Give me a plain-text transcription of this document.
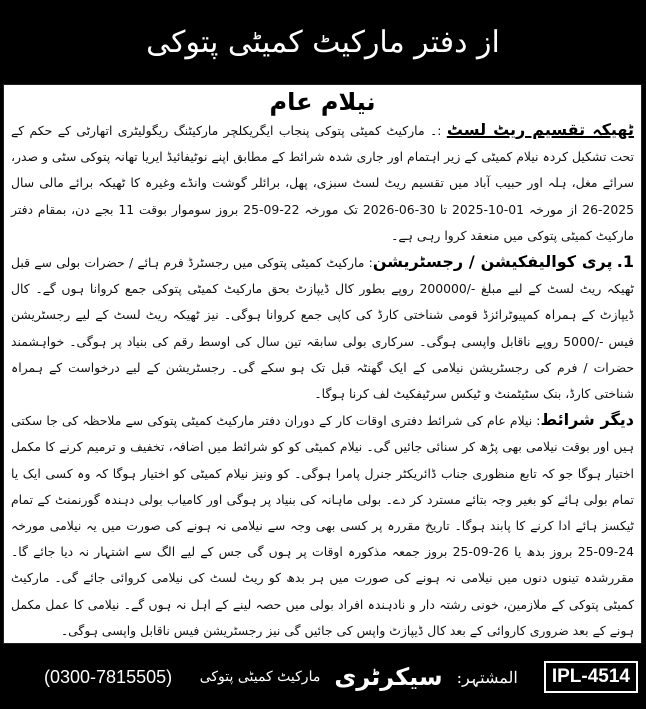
از دفتر مارکیٹ کمیٹی پتوکی
نیلام عام

ٹھیکہ تقسیم ریٹ لسٹ :۔ مارکیٹ کمیٹی پتوکی پنجاب ایگریکلچر مارکیٹنگ ریگولیٹری اتھارٹی کے حکم کے تحت تشکیل کردہ نیلام کمیٹی کے زیر اہتمام اور جاری شدہ شرائط کے مطابق اپنے نوٹیفائیڈ ایریا تھانہ پتوکی سٹی و صدر، سرائے مغل، ہلہ اور حبیب آباد میں تقسیم ریٹ لسٹ سبزی، پھل، برائلر گوشت وانڈے وغیرہ کا ٹھیکہ برائے مالی سال 2025-26 از مورخہ 01-10-2025 تا 30-06-2026 تک مورخہ 22-09-25 بروز سوموار بوقت 11 بجے دن، بمقام دفتر مارکیٹ کمیٹی پتوکی میں منعقد کروا رہی ہے۔

1. پری کوالیفکیشن / رجسٹریشن: مارکیٹ کمیٹی پتوکی میں رجسٹرڈ فرم ہائے / حضرات بولی سے قبل ٹھیکہ ریٹ لسٹ کے لیے مبلغ -/200000 روپے بطور کال ڈیپازٹ بحق مارکیٹ کمیٹی پتوکی جمع کروانا ہوں گے۔ کال ڈیپازٹ کے ہمراہ کمپیوٹرائزڈ قومی شناختی کارڈ کی کاپی جمع کروانا ہوگی۔ نیز ٹھیکہ ریٹ لسٹ کے لیے رجسٹریشن فیس -/5000 روپے ناقابل واپسی ہوگی۔ سرکاری بولی سابقہ تین سال کی اوسط رقم کی بنیاد پر ہوگی۔ خواہشمند حضرات / فرم کی رجسٹریشن نیلامی کے ایک گھنٹہ قبل تک ہو سکے گی۔ رجسٹریشن کے لیے درخواست کے ہمراہ شناختی کارڈ، بنک سٹیٹمنٹ و ٹیکس سرٹیفکیٹ لف کرنا ہوگا۔

دیگر شرائط: نیلام عام کی شرائط دفتری اوقات کار کے دوران دفتر مارکیٹ کمیٹی پتوکی سے ملاحظہ کی جا سکتی ہیں اور بوقت نیلامی بھی پڑھ کر سنائی جائیں گی۔ نیلام کمیٹی کو کو شرائط میں اضافہ، تخفیف و ترمیم کرنے کا مکمل اختیار ہوگا جو کہ تابع منظوری جناب ڈائریکٹر جنرل پامرا ہوگی۔ کو ونیز نیلام کمیٹی کو اختیار ہوگا کہ وہ کسی ایک یا تمام بولی ہائے کو بغیر وجہ بتائے مسترد کر دے۔ بولی ماہانہ کی بنیاد پر ہوگی اور کامیاب بولی دہندہ گورنمنٹ کے تمام ٹیکسز ہائے ادا کرنے کا پابند ہوگا۔ تاریخ مقررہ پر کسی بھی وجہ سے نیلامی نہ ہونے کی صورت میں یہ نیلامی مورخہ 24-09-25 بروز بدھ یا 26-09-25 بروز جمعہ مذکورہ اوقات پر ہوں گی جس کے لیے الگ سے اشتہار نہ دیا جائے گا۔ مقررشدہ تینوں دنوں میں نیلامی نہ ہونے کی صورت میں ہر بدھ کو ریٹ لسٹ کی نیلامی کروائی جائے گی۔ مارکیٹ کمیٹی پتوکی کے ملازمین، خونی رشتہ دار و نادہندہ افراد بولی میں حصہ لینے کے اہل نہ ہوں گے۔ نیلامی کا عمل مکمل ہونے کے بعد ضروری کاروائی کے بعد کال ڈیپازٹ واپس کی جائیں گی نیز رجسٹریشن فیس ناقابل واپسی ہوگی۔

(0300-7815505)	المشتہر:
سیکرٹری
مارکیٹ کمیٹی پتوکی	IPL-4514
